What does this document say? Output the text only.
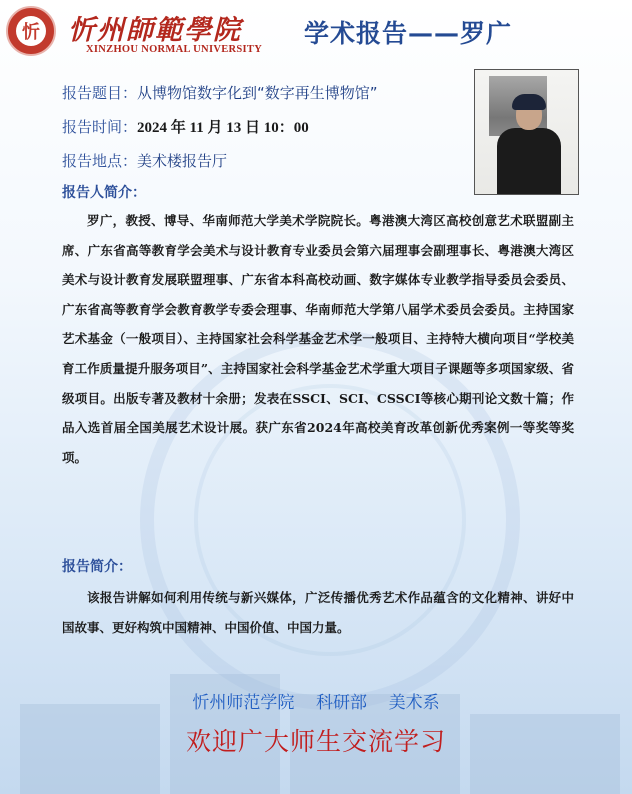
忻 忻州師範學院
XINZHOU NORMAL UNIVERSITY
学术报告——罗广
报告题目：从博物馆数字化到“数字再生博物馆”
报告时间：2024 年 11 月 13 日 10：00
报告地点：美术楼报告厅
报告人简介：

罗广，教授、博导、华南师范大学美术学院院长。粤港澳大湾区高校创意艺术联盟副主席、广东省高等教育学会美术与设计教育专业委员会第六届理事会副理事长、粤港澳大湾区美术与设计教育发展联盟理事、广东省本科高校动画、数字媒体专业教学指导委员会委员、广东省高等教育学会教育教学专委会理事、华南师范大学第八届学术委员会委员。主持国家艺术基金（一般项目）、主持国家社会科学基金艺术学一般项目、主持特大横向项目“学校美育工作质量提升服务项目”、主持国家社会科学基金艺术学重大项目子课题等多项国家级、省级项目。出版专著及教材十余册；发表在SSCI、SCI、CSSCI等核心期刊论文数十篇；作品入选首届全国美展艺术设计展。获广东省2024年高校美育改革创新优秀案例一等奖等奖项。

报告简介：

该报告讲解如何利用传统与新兴媒体，广泛传播优秀艺术作品蕴含的文化精神、讲好中国故事、更好构筑中国精神、中国价值、中国力量。

忻州师范学院    科研部    美术系
欢迎广大师生交流学习
